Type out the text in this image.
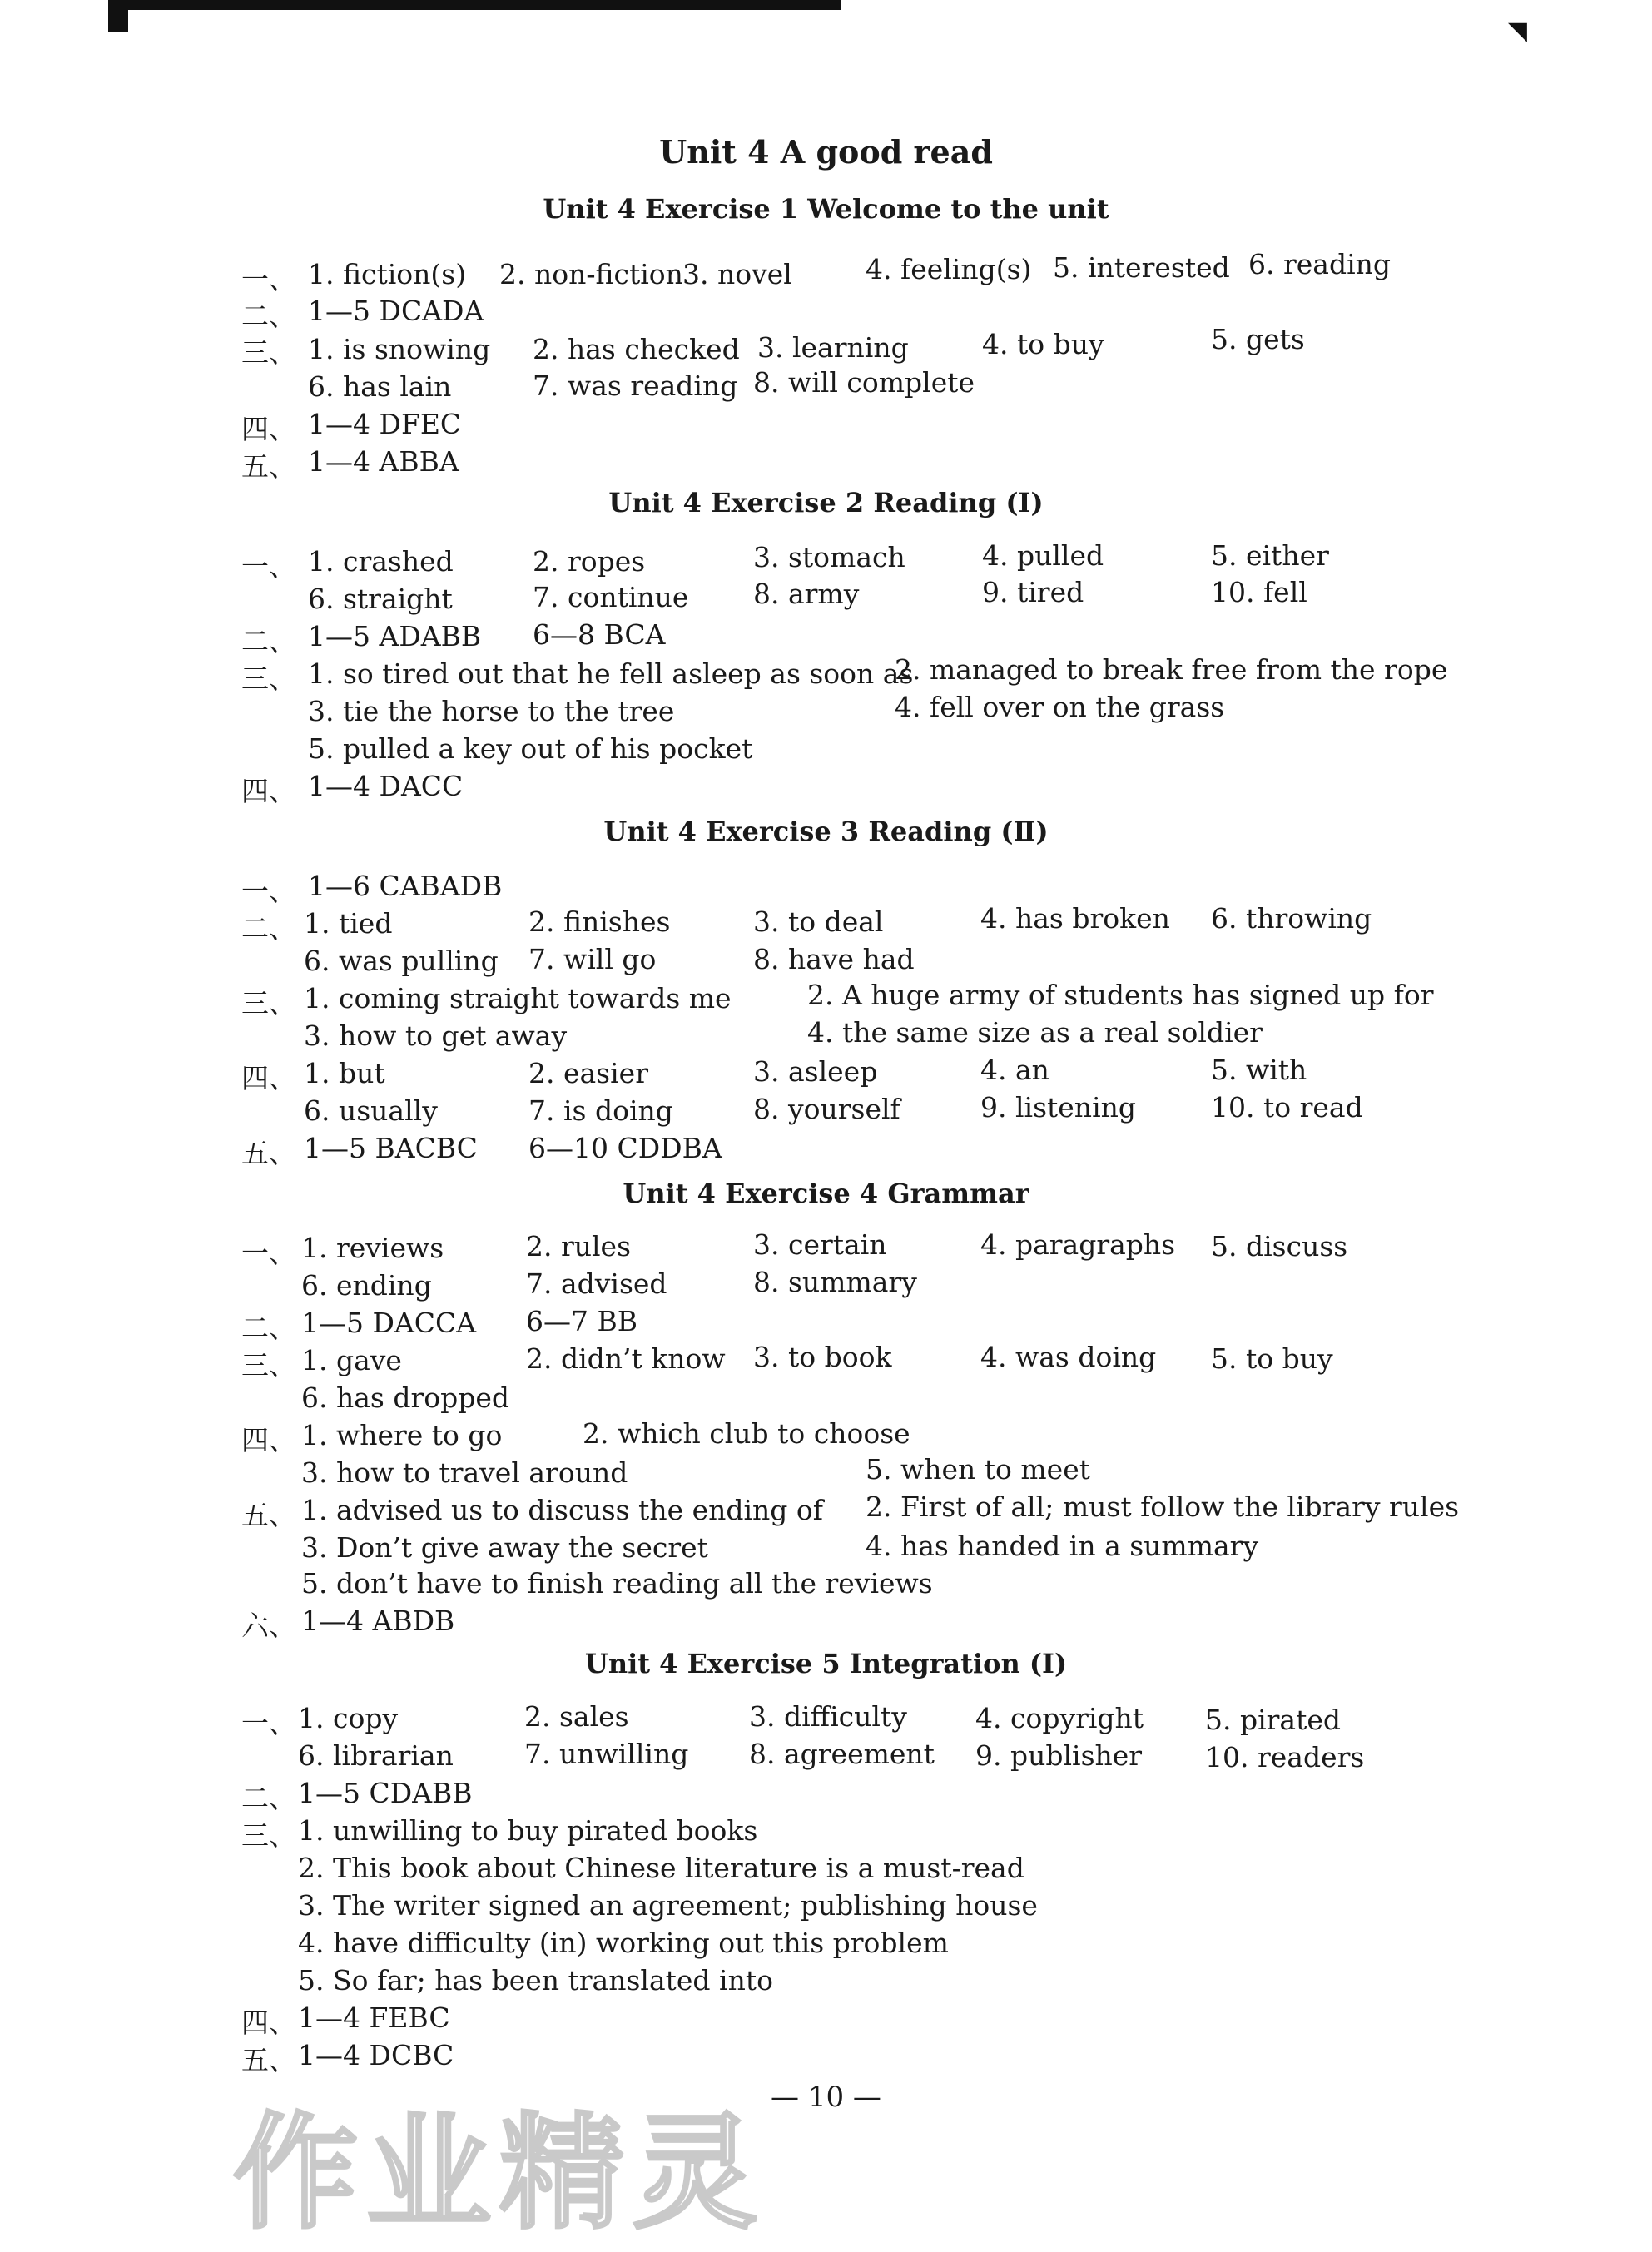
◥
Unit 4 A good read
Unit 4 Exercise 1 Welcome to the unit
一、 1. fiction(s) 2. non-fiction 3. novel	4. feeling(s) 5. interested 6. reading
二、 1—5 DCADA
三、 1. is snowing 2. has checked 3. learning	4. to buy	5. gets
6. has lain	7. was reading 8. will complete
四、 1—4 DFEC
五、 1—4 ABBA
Unit 4 Exercise 2 Reading (Ⅰ)
一、 1. crashed	2. ropes	3. stomach	4. pulled	5. either
6. straight	7. continue 8. army	9. tired	10. fell
二、 1—5 ADABB 6—8 BCA
三、 1. so tired out that he fell asleep as soon as
2. managed to break free from the rope
3. tie the horse to the tree	4. fell over on the grass
5. pulled a key out of his pocket
四、 1—4 DACC
Unit 4 Exercise 3 Reading (Ⅱ)
一、 1—6 CABADB
二、 1. tied	2. finishes	3. to deal	4. has broken 6. throwing
6. was pulling 7. will go	8. have had
三、 1. coming straight towards me	2. A huge army of students has signed up for
3. how to get away	4. the same size as a real soldier
四、 1. but	2. easier	3. asleep	4. an	5. with
6. usually	7. is doing	8. yourself	9. listening	10. to read
五、 1—5 BACBC 6—10 CDDBA
Unit 4 Exercise 4 Grammar
一、 1. reviews	2. rules	3. certain	4. paragraphs 5. discuss
6. ending	7. advised	8. summary
二、 1—5 DACCA 6—7 BB
三、 1. gave	2. didn’t know 3. to book	4. was doing 5. to buy
6. has dropped
四、 1. where to go	2. which club to choose
3. how to travel around	5. when to meet
五、 1. advised us to discuss the ending of 2. First of all; must follow the library rules
3. Don’t give away the secret	4. has handed in a summary
5. don’t have to finish reading all the reviews
六、 1—4 ABDB
Unit 4 Exercise 5 Integration (Ⅰ)
一、 1. copy	2. sales	3. difficulty 4. copyright 5. pirated
6. librarian	7. unwilling 8. agreement 9. publisher 10. readers
二、 1—5 CDABB
三、 1. unwilling to buy pirated books
2. This book about Chinese literature is a must-read
3. The writer signed an agreement; publishing house
4. have difficulty (in) working out this problem
5. So far; has been translated into
四、 1—4 FEBC
五、 1—4 DCBC
— 10 —
作业精灵
